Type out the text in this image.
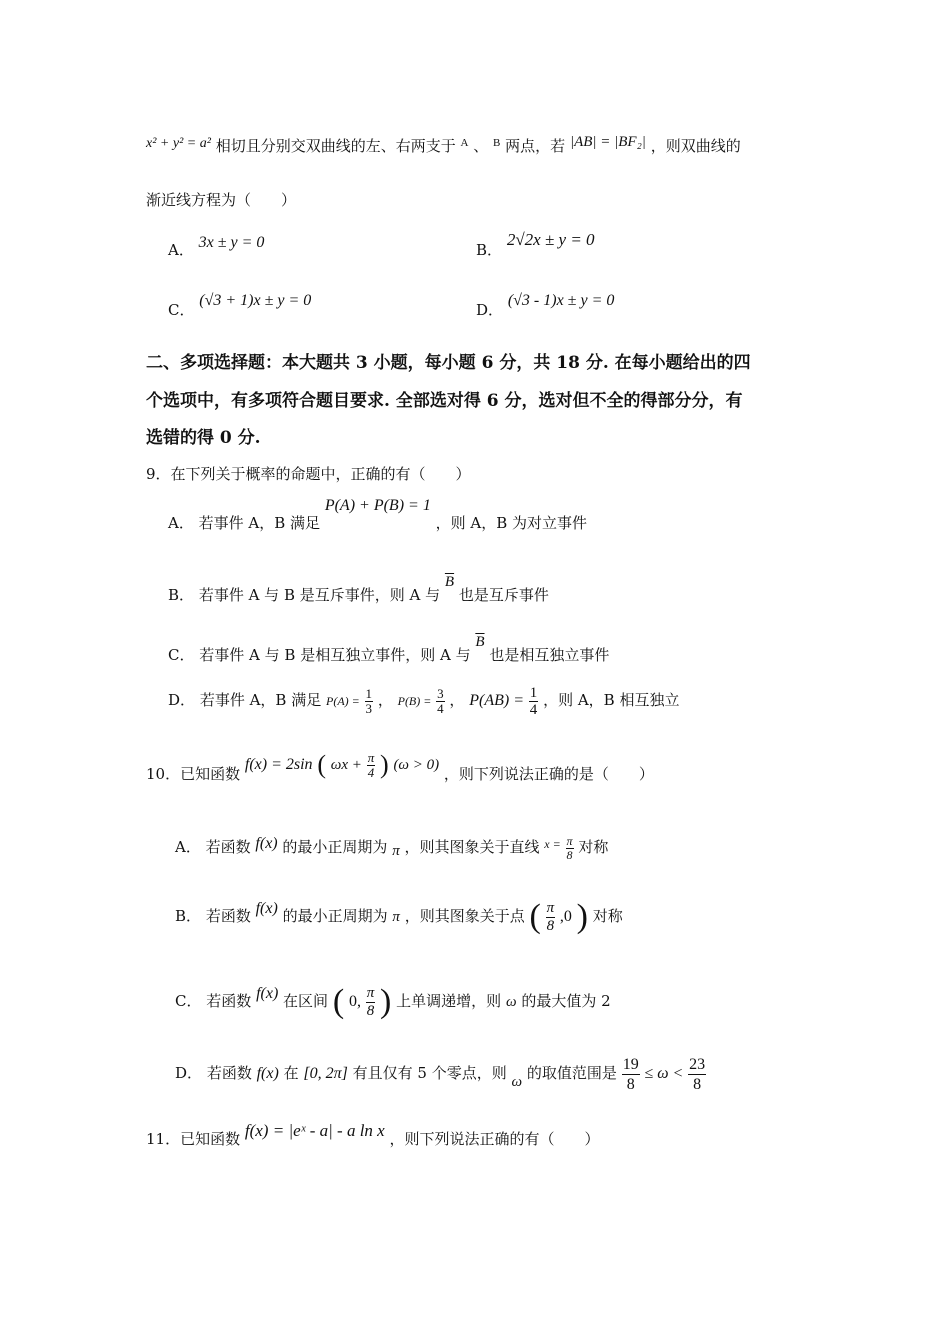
x² + y² = a² 相切且分别交双曲线的左、右两支于 $^A$ 、 $^B$ 两点，若 |AB| = |BF₂| ，则双曲线的
渐近线方程为（　　）
A． 3x ± y = 0	B． 2√2x ± y = 0
C． (√3 + 1)x ± y = 0
D． (√3 - 1)x ± y = 0
二、多项选择题：本大题共 3 小题，每小题 6 分，共 18 分. 在每小题给出的四
个选项中，有多项符合题目要求. 全部选对得 6 分，选对但不全的得部分分，有
选错的得 0 分.
9．在下列关于概率的命题中，正确的有（　　）
A． 若事件 A，B 满足 P(A) + P(B) = 1 ，则 A，B 为对立事件
B． 若事件 A 与 B 是互斥事件，则 A 与 $\overline{B}$ 也是互斥事件
C． 若事件 A 与 B 是相互独立事件，则 A 与 $\overline{B}$ 也是相互独立事件
D． 若事件 A，B 满足 $P(A) = \frac{1}{3}$ ， $P(B) = \frac{3}{4}$ ， $P(AB) = \frac{1}{4}$ ，则 A，B 相互独立
10．已知函数 f(x) = 2sin ( $\omega x + \frac{\pi}{4}$ ) (ω > 0) ，则下列说法正确的是（　　）
A． 若函数 f(x) 的最小正周期为 π ，则其图象关于直线 $^{x =} \frac{\pi}{8}$ 对称
B． 若函数 f(x) 的最小正周期为 π ，则其图象关于点 ( $\frac{\pi}{8} ,0$ ) 对称
C． 若函数 f(x) 在区间 ( 0, $\frac{\pi}{8}$ ) 上单调递增，则 ω 的最大值为 2
D． 若函数 f(x) 在 [0, 2π] 有且仅有 5 个零点，则 ω 的取值范围是 $\frac{19}{8} \le \omega < \frac{23}{8}$
11．已知函数 f(x) = |eˣ - a| - a ln x ，则下列说法正确的有（　　）
